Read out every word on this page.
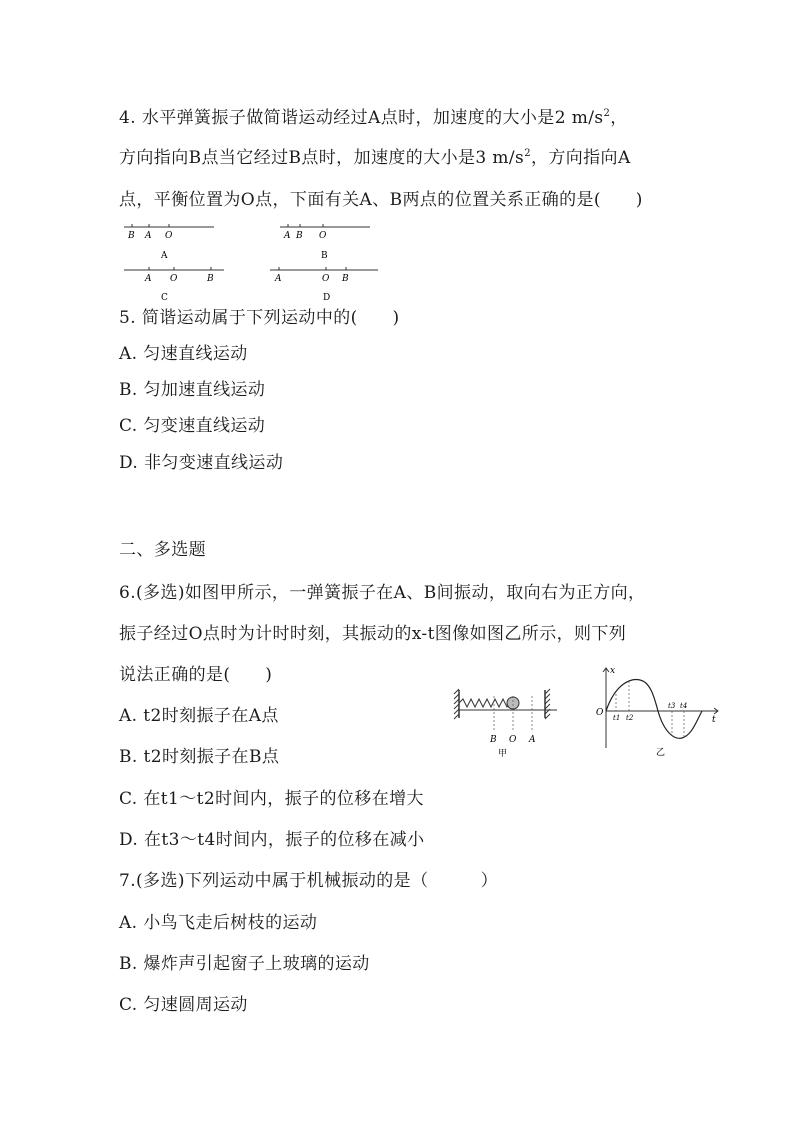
4. 水平弹簧振子做简谐运动经过A点时，加速度的大小是2 $m/s^2$，
方向指向B点当它经过B点时，加速度的大小是3 $m/s^2$，方向指向A
点，平衡位置为O点，下面有关A、B两点的位置关系正确的是(　　)
B A O
A
A B O
B
A O	B
C
A	O B
D
5. 简谐运动属于下列运动中的(　　)
A. 匀速直线运动
B. 匀加速直线运动
C. 匀变速直线运动
D. 非匀变速直线运动
二、多选题
6.(多选)如图甲所示，一弹簧振子在A、B间振动，取向右为正方向，
振子经过O点时为计时时刻，其振动的x-t图像如图乙所示，则下列
说法正确的是(　　)
A. t2时刻振子在A点
B. t2时刻振子在B点
C. 在t1～t2时间内，振子的位移在增大
D. 在t3～t4时间内，振子的位移在减小
B O A
甲
x
t
O t1 t2
t3 t4
乙
7.(多选)下列运动中属于机械振动的是（　　　）
A. 小鸟飞走后树枝的运动
B. 爆炸声引起窗子上玻璃的运动
C. 匀速圆周运动
